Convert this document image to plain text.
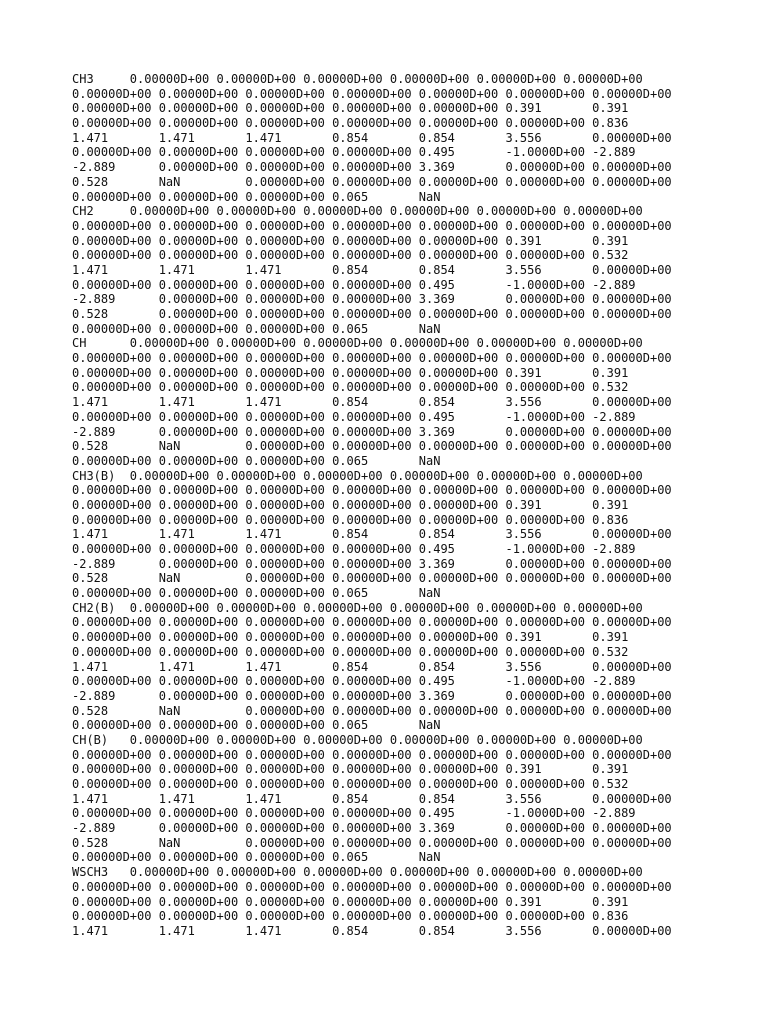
CH3     0.00000D+00 0.00000D+00 0.00000D+00 0.00000D+00 0.00000D+00 0.00000D+00
0.00000D+00 0.00000D+00 0.00000D+00 0.00000D+00 0.00000D+00 0.00000D+00 0.00000D+00
0.00000D+00 0.00000D+00 0.00000D+00 0.00000D+00 0.00000D+00 0.391       0.391
0.00000D+00 0.00000D+00 0.00000D+00 0.00000D+00 0.00000D+00 0.00000D+00 0.836
1.471       1.471       1.471       0.854       0.854       3.556       0.00000D+00
0.00000D+00 0.00000D+00 0.00000D+00 0.00000D+00 0.495       -1.0000D+00 -2.889
-2.889      0.00000D+00 0.00000D+00 0.00000D+00 3.369       0.00000D+00 0.00000D+00
0.528       NaN         0.00000D+00 0.00000D+00 0.00000D+00 0.00000D+00 0.00000D+00
0.00000D+00 0.00000D+00 0.00000D+00 0.065       NaN
CH2     0.00000D+00 0.00000D+00 0.00000D+00 0.00000D+00 0.00000D+00 0.00000D+00
0.00000D+00 0.00000D+00 0.00000D+00 0.00000D+00 0.00000D+00 0.00000D+00 0.00000D+00
0.00000D+00 0.00000D+00 0.00000D+00 0.00000D+00 0.00000D+00 0.391       0.391
0.00000D+00 0.00000D+00 0.00000D+00 0.00000D+00 0.00000D+00 0.00000D+00 0.532
1.471       1.471       1.471       0.854       0.854       3.556       0.00000D+00
0.00000D+00 0.00000D+00 0.00000D+00 0.00000D+00 0.495       -1.0000D+00 -2.889
-2.889      0.00000D+00 0.00000D+00 0.00000D+00 3.369       0.00000D+00 0.00000D+00
0.528       0.00000D+00 0.00000D+00 0.00000D+00 0.00000D+00 0.00000D+00 0.00000D+00
0.00000D+00 0.00000D+00 0.00000D+00 0.065       NaN
CH      0.00000D+00 0.00000D+00 0.00000D+00 0.00000D+00 0.00000D+00 0.00000D+00
0.00000D+00 0.00000D+00 0.00000D+00 0.00000D+00 0.00000D+00 0.00000D+00 0.00000D+00
0.00000D+00 0.00000D+00 0.00000D+00 0.00000D+00 0.00000D+00 0.391       0.391
0.00000D+00 0.00000D+00 0.00000D+00 0.00000D+00 0.00000D+00 0.00000D+00 0.532
1.471       1.471       1.471       0.854       0.854       3.556       0.00000D+00
0.00000D+00 0.00000D+00 0.00000D+00 0.00000D+00 0.495       -1.0000D+00 -2.889
-2.889      0.00000D+00 0.00000D+00 0.00000D+00 3.369       0.00000D+00 0.00000D+00
0.528       NaN         0.00000D+00 0.00000D+00 0.00000D+00 0.00000D+00 0.00000D+00
0.00000D+00 0.00000D+00 0.00000D+00 0.065       NaN
CH3(B)  0.00000D+00 0.00000D+00 0.00000D+00 0.00000D+00 0.00000D+00 0.00000D+00
0.00000D+00 0.00000D+00 0.00000D+00 0.00000D+00 0.00000D+00 0.00000D+00 0.00000D+00
0.00000D+00 0.00000D+00 0.00000D+00 0.00000D+00 0.00000D+00 0.391       0.391
0.00000D+00 0.00000D+00 0.00000D+00 0.00000D+00 0.00000D+00 0.00000D+00 0.836
1.471       1.471       1.471       0.854       0.854       3.556       0.00000D+00
0.00000D+00 0.00000D+00 0.00000D+00 0.00000D+00 0.495       -1.0000D+00 -2.889
-2.889      0.00000D+00 0.00000D+00 0.00000D+00 3.369       0.00000D+00 0.00000D+00
0.528       NaN         0.00000D+00 0.00000D+00 0.00000D+00 0.00000D+00 0.00000D+00
0.00000D+00 0.00000D+00 0.00000D+00 0.065       NaN
CH2(B)  0.00000D+00 0.00000D+00 0.00000D+00 0.00000D+00 0.00000D+00 0.00000D+00
0.00000D+00 0.00000D+00 0.00000D+00 0.00000D+00 0.00000D+00 0.00000D+00 0.00000D+00
0.00000D+00 0.00000D+00 0.00000D+00 0.00000D+00 0.00000D+00 0.391       0.391
0.00000D+00 0.00000D+00 0.00000D+00 0.00000D+00 0.00000D+00 0.00000D+00 0.532
1.471       1.471       1.471       0.854       0.854       3.556       0.00000D+00
0.00000D+00 0.00000D+00 0.00000D+00 0.00000D+00 0.495       -1.0000D+00 -2.889
-2.889      0.00000D+00 0.00000D+00 0.00000D+00 3.369       0.00000D+00 0.00000D+00
0.528       NaN         0.00000D+00 0.00000D+00 0.00000D+00 0.00000D+00 0.00000D+00
0.00000D+00 0.00000D+00 0.00000D+00 0.065       NaN
CH(B)   0.00000D+00 0.00000D+00 0.00000D+00 0.00000D+00 0.00000D+00 0.00000D+00
0.00000D+00 0.00000D+00 0.00000D+00 0.00000D+00 0.00000D+00 0.00000D+00 0.00000D+00
0.00000D+00 0.00000D+00 0.00000D+00 0.00000D+00 0.00000D+00 0.391       0.391
0.00000D+00 0.00000D+00 0.00000D+00 0.00000D+00 0.00000D+00 0.00000D+00 0.532
1.471       1.471       1.471       0.854       0.854       3.556       0.00000D+00
0.00000D+00 0.00000D+00 0.00000D+00 0.00000D+00 0.495       -1.0000D+00 -2.889
-2.889      0.00000D+00 0.00000D+00 0.00000D+00 3.369       0.00000D+00 0.00000D+00
0.528       NaN         0.00000D+00 0.00000D+00 0.00000D+00 0.00000D+00 0.00000D+00
0.00000D+00 0.00000D+00 0.00000D+00 0.065       NaN
WSCH3   0.00000D+00 0.00000D+00 0.00000D+00 0.00000D+00 0.00000D+00 0.00000D+00
0.00000D+00 0.00000D+00 0.00000D+00 0.00000D+00 0.00000D+00 0.00000D+00 0.00000D+00
0.00000D+00 0.00000D+00 0.00000D+00 0.00000D+00 0.00000D+00 0.391       0.391
0.00000D+00 0.00000D+00 0.00000D+00 0.00000D+00 0.00000D+00 0.00000D+00 0.836
1.471       1.471       1.471       0.854       0.854       3.556       0.00000D+00
